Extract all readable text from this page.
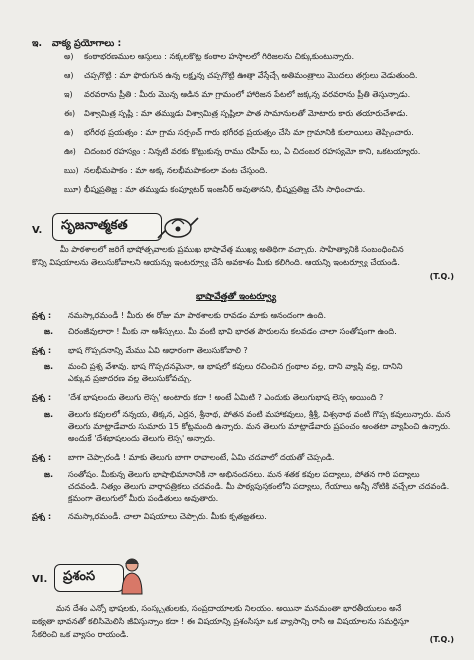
ఇ. వాక్య ప్రయోగాలు :
అ) కంఠాభరణముల ఆస్తులు : నక్కలకొట్ల కంఠాల హస్తాలలో గిరిజలను చిక్కుకుంటున్నారు.
ఆ) చప్పగొట్టి : మా ఫొరుగున ఉన్న లక్ష్మన్న చప్పగొట్టి ఊత్తా వేస్తేచ్చే అతిమంత్రాలు మొదలు తగ్గులు వెడుతుంది.
ఇ) వరవరాను ప్రీతి : మీరు మొన్న ఆడిన మా గ్రామంలో హారిజన పేటలో జక్కన్న వరవరాను ప్రీతి తెస్తున్నాడు.
ఈ) విశ్వామిత్ర సృష్టి : మా తమ్ముడు విశ్వామిత్ర సృష్టిలా పాత సామానులతో మోటారు కారు తయారుచేశాడు.
ఉ) భగీరథ ప్రయత్నం : మా గ్రామ సర్పంచ్ గారు భగీరథ ప్రయత్నం చేసి మా గ్రామానికి కులాయిలు తెప్పించారు.
ఊ) చిదంబర రహస్యం : నిన్నటి వరకు కొట్టుకున్న రాము రహీమ్ లు, ఏ చిదంబర రహస్యమో కాని, ఒకటయ్యారు.
ఋ) నలభీమపాకం : మా అక్క నలభీమపాకంలా వంట చేస్తుంది.
ౠ) భీష్మప్రతిజ్ఞ : మా తమ్ముడు కంప్యూటర్ ఇంజనీర్ అవుతానని, భీష్మప్రతిజ్ఞ చేసి సాధించాడు.
V. సృజనాత్మకత
మీ పాఠశాలలో జరిగే భాషోత్సవాలకు ప్రముఖ భాషావేత్త ముఖ్య అతిథిగా వచ్చారు. సాహిత్యానికి సంబంధించిన
కొన్ని విషయాలను తెలుసుకోవాలని ఆయన్ను ఇంటర్వ్యూ చేసే అవకాశం మీకు కలిగింది. ఆయన్ని ఇంటర్వ్యూ చేయండి.
(T.Q.)
భాషావేత్తతో ఇంటర్వ్యూ
ప్రశ్న : నమస్కారమండీ ! మీరు ఈ రోజు మా పాఠశాలకు రావడం మాకు ఆనందంగా ఉంది.
జ. చిరంజీవులారా ! మీకు నా ఆశీస్సులు. మీ వంటి భావి భారత పౌరులను కలవడం చాలా సంతోషంగా ఉంది.
ప్రశ్న : భాష గొప్పదనాన్ని మేము ఏవి ఆధారంగా తెలుసుకోవాలి ?
జ. మంచి ప్రశ్న వేశావు. భాష గొప్పదనమైనా, ఆ భాషలో కవులు రచించిన గ్రంథాల వల్ల, దాని వ్యాప్తి వల్ల, దానిని
ఎక్కువ ప్రజాదరణ వల్ల తెలుసుకోవచ్చు.
ప్రశ్న : 'దేశ భాషలందు తెలుగు లెస్స' అంటారు కదా ! అంటే ఏమిటి ? ఎందుకు తెలుగుభాష లెస్స అయింది ?
జ. తెలుగు కవులలో నన్నయ, తిక్కన, ఎర్రన, శ్రీనాథ, పోతన వంటి మహాకవులు, శ్రీశ్రీ, విశ్వనాథ వంటి గొప్ప కవులున్నారు. మన
తెలుగు మాట్లాడేవారు సుమారు 15 కోట్లమంది ఉన్నారు. మన తెలుగు మాట్లాడేవారు ప్రపంచం అంతటా వ్యాపించి ఉన్నారు.
అందుకే 'దేశభాషలందు తెలుగు లెస్స' అన్నారు.
ప్రశ్న : బాగా చెప్పారండి ! మాకు తెలుగు బాగా రావాలంటే, ఏమి చదవాలో దయతో చెప్పండి.
జ. సంతోషం. మీకున్న తెలుగు భాషాభిమానానికి నా అభినందనలు. మన శతక కవుల పద్యాలు, పోతన గారి పద్యాలు
చదవండి. నిత్యం తెలుగు వార్తాపత్రికలు చదవండి. మీ పాఠ్యపుస్తకంలోని పద్యాలు, గేయాలు అన్నీ నోటికి వచ్చేలా చదవండి.
క్రమంగా తెలుగులో మీరు పండితులు అవుతారు.
ప్రశ్న : నమస్కారమండీ. చాలా విషయాలు చెప్పారు. మీకు కృతజ్ఞతలు.
VI. ప్రశంస
మన దేశం ఎన్నో భాషలకు, సంస్కృతులకు, సంప్రదాయాలకు నిలయం. అయినా మనమంతా భారతీయులం అనే
ఐక్యతా భావనతో కలిసిమెలిసి జీవిస్తున్నాం కదా ! ఈ విషయాన్ని ప్రశంసిస్తూ ఒక వ్యాసాన్ని రాసి ఆ విషయాలను సమర్థిస్తూ
సేకరించి ఒక వ్యాసం రాయండి.
(T.Q.)
